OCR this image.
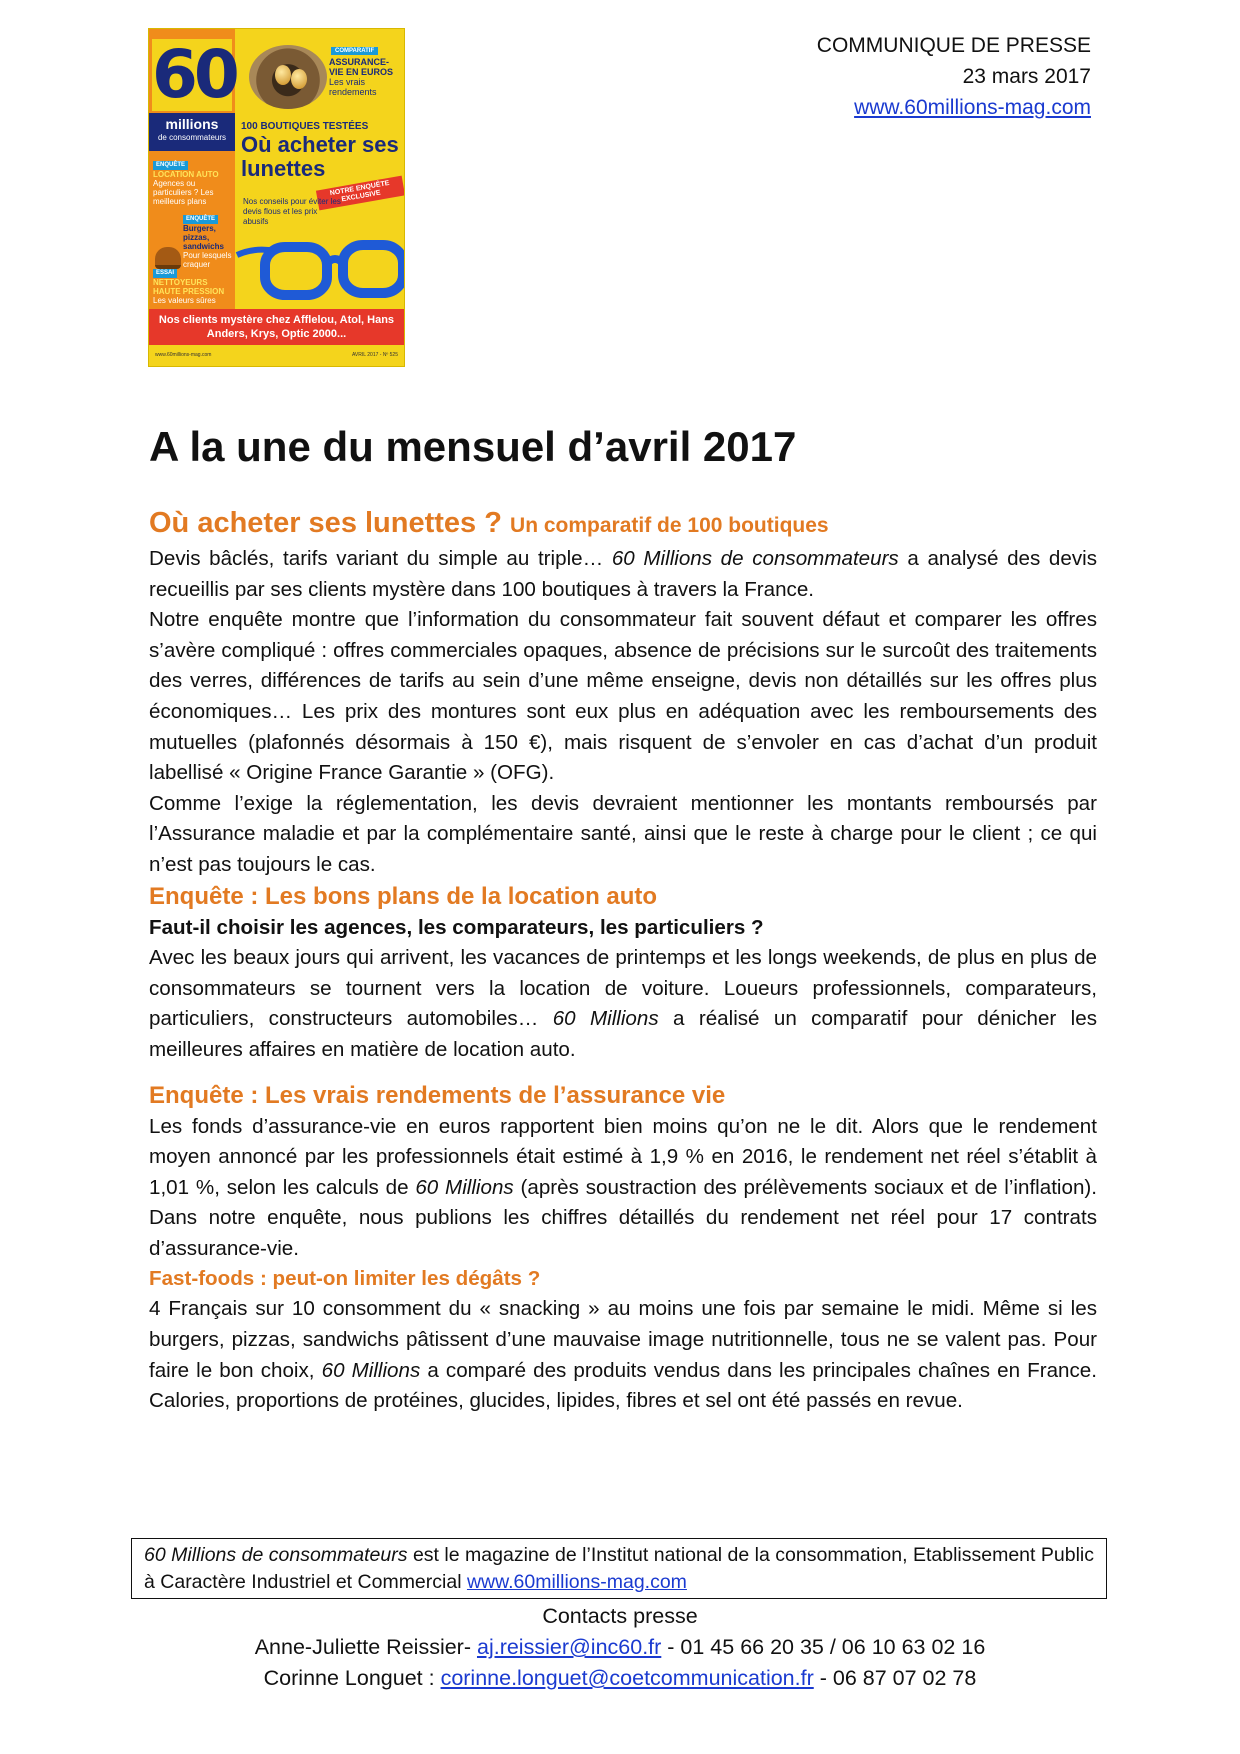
60
millions
de consommateurs
ENQUÊTE
LOCATION AUTO
Agences ou particuliers ? Les meilleurs plans
ENQUÊTE
Burgers, pizzas, sandwichs
Pour lesquels craquer
ESSAI
NETTOYEURS HAUTE PRESSION
Les valeurs sûres
COMPARATIF
ASSURANCE-VIE EN EUROS
Les vrais rendements
100 BOUTIQUES TESTÉES
Où acheter ses lunettes
NOTRE ENQUÊTE EXCLUSIVE
Nos conseils pour éviter les devis flous et les prix abusifs
Nos clients mystère chez Afflelou, Atol, Hans Anders, Krys, Optic 2000...
www.60millions-mag.com	AVRIL 2017 - Nº 525
COMMUNIQUE DE PRESSE
23 mars 2017
www.60millions-mag.com
A la une du mensuel d’avril 2017

Où acheter ses lunettes ? Un comparatif de 100 boutiques

Devis bâclés, tarifs variant du simple au triple… 60 Millions de consommateurs a analysé des devis recueillis par ses clients mystère dans 100 boutiques à travers la France.

Notre enquête montre que l’information du consommateur fait souvent défaut et comparer les offres s’avère compliqué : offres commerciales opaques, absence de précisions sur le surcoût des traitements des verres, différences de tarifs au sein d’une même enseigne, devis non détaillés sur les offres plus économiques… Les prix des montures sont eux plus en adéquation avec les remboursements des mutuelles (plafonnés désormais à 150 €), mais risquent de s’envoler en cas d’achat d’un produit labellisé « Origine France Garantie » (OFG).

Comme l’exige la réglementation, les devis devraient mentionner les montants remboursés par l’Assurance maladie et par la complémentaire santé, ainsi que le reste à charge pour le client ; ce qui n’est pas toujours le cas.

Enquête : Les bons plans de la location auto

Faut-il choisir les agences, les comparateurs, les particuliers ?

Avec les beaux jours qui arrivent, les vacances de printemps et les longs weekends, de plus en plus de consommateurs se tournent vers la location de voiture. Loueurs professionnels, comparateurs, particuliers, constructeurs automobiles… 60 Millions a réalisé un comparatif pour dénicher les meilleures affaires en matière de location auto.

Enquête : Les vrais rendements de l’assurance vie

Les fonds d’assurance-vie en euros rapportent bien moins qu’on ne le dit. Alors que le rendement moyen annoncé par les professionnels était estimé à 1,9 % en 2016, le rendement net réel s’établit à 1,01 %, selon les calculs de 60 Millions (après soustraction des prélèvements sociaux et de l’inflation). Dans notre enquête, nous publions les chiffres détaillés du rendement net réel pour 17 contrats d’assurance-vie.

Fast-foods : peut-on limiter les dégâts ?

4 Français sur 10 consomment du « snacking » au moins une fois par semaine le midi. Même si les burgers, pizzas, sandwichs pâtissent d’une mauvaise image nutritionnelle, tous ne se valent pas. Pour faire le bon choix, 60 Millions a comparé des produits vendus dans les principales chaînes en France. Calories, proportions de protéines, glucides, lipides, fibres et sel ont été passés en revue.

60 Millions de consommateurs est le magazine de l’Institut national de la consommation, Etablissement Public à Caractère Industriel et Commercial www.60millions-mag.com
Contacts presse
Anne-Juliette Reissier- aj.reissier@inc60.fr - 01 45 66 20 35 / 06 10 63 02 16
Corinne Longuet : corinne.longuet@coetcommunication.fr - 06 87 07 02 78
